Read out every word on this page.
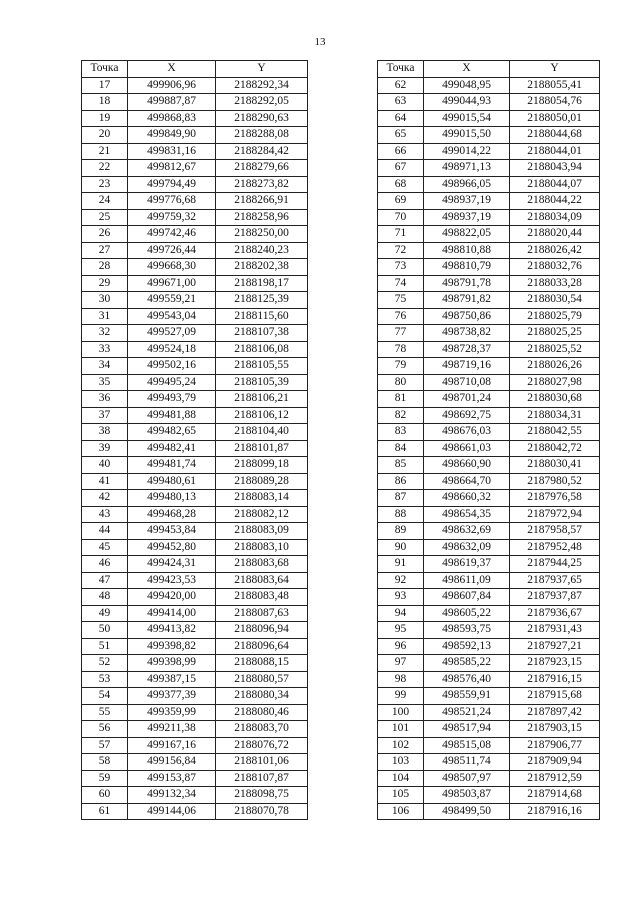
13
Точка	X	Y
17	499906,96	2188292,34
18	499887,87	2188292,05
19	499868,83	2188290,63
20	499849,90	2188288,08
21	499831,16	2188284,42
22	499812,67	2188279,66
23	499794,49	2188273,82
24	499776,68	2188266,91
25	499759,32	2188258,96
26	499742,46	2188250,00
27	499726,44	2188240,23
28	499668,30	2188202,38
29	499671,00	2188198,17
30	499559,21	2188125,39
31	499543,04	2188115,60
32	499527,09	2188107,38
33	499524,18	2188106,08
34	499502,16	2188105,55
35	499495,24	2188105,39
36	499493,79	2188106,21
37	499481,88	2188106,12
38	499482,65	2188104,40
39	499482,41	2188101,87
40	499481,74	2188099,18
41	499480,61	2188089,28
42	499480,13	2188083,14
43	499468,28	2188082,12
44	499453,84	2188083,09
45	499452,80	2188083,10
46	499424,31	2188083,68
47	499423,53	2188083,64
48	499420,00	2188083,48
49	499414,00	2188087,63
50	499413,82	2188096,94
51	499398,82	2188096,64
52	499398,99	2188088,15
53	499387,15	2188080,57
54	499377,39	2188080,34
55	499359,99	2188080,46
56	499211,38	2188083,70
57	499167,16	2188076,72
58	499156,84	2188101,06
59	499153,87	2188107,87
60	499132,34	2188098,75
61	499144,06	2188070,78
Точка	X	Y
62	499048,95	2188055,41
63	499044,93	2188054,76
64	499015,54	2188050,01
65	499015,50	2188044,68
66	499014,22	2188044,01
67	498971,13	2188043,94
68	498966,05	2188044,07
69	498937,19	2188044,22
70	498937,19	2188034,09
71	498822,05	2188020,44
72	498810,88	2188026,42
73	498810,79	2188032,76
74	498791,78	2188033,28
75	498791,82	2188030,54
76	498750,86	2188025,79
77	498738,82	2188025,25
78	498728,37	2188025,52
79	498719,16	2188026,26
80	498710,08	2188027,98
81	498701,24	2188030,68
82	498692,75	2188034,31
83	498676,03	2188042,55
84	498661,03	2188042,72
85	498660,90	2188030,41
86	498664,70	2187980,52
87	498660,32	2187976,58
88	498654,35	2187972,94
89	498632,69	2187958,57
90	498632,09	2187952,48
91	498619,37	2187944,25
92	498611,09	2187937,65
93	498607,84	2187937,87
94	498605,22	2187936,67
95	498593,75	2187931,43
96	498592,13	2187927,21
97	498585,22	2187923,15
98	498576,40	2187916,15
99	498559,91	2187915,68
100	498521,24	2187897,42
101	498517,94	2187903,15
102	498515,08	2187906,77
103	498511,74	2187909,94
104	498507,97	2187912,59
105	498503,87	2187914,68
106	498499,50	2187916,16
